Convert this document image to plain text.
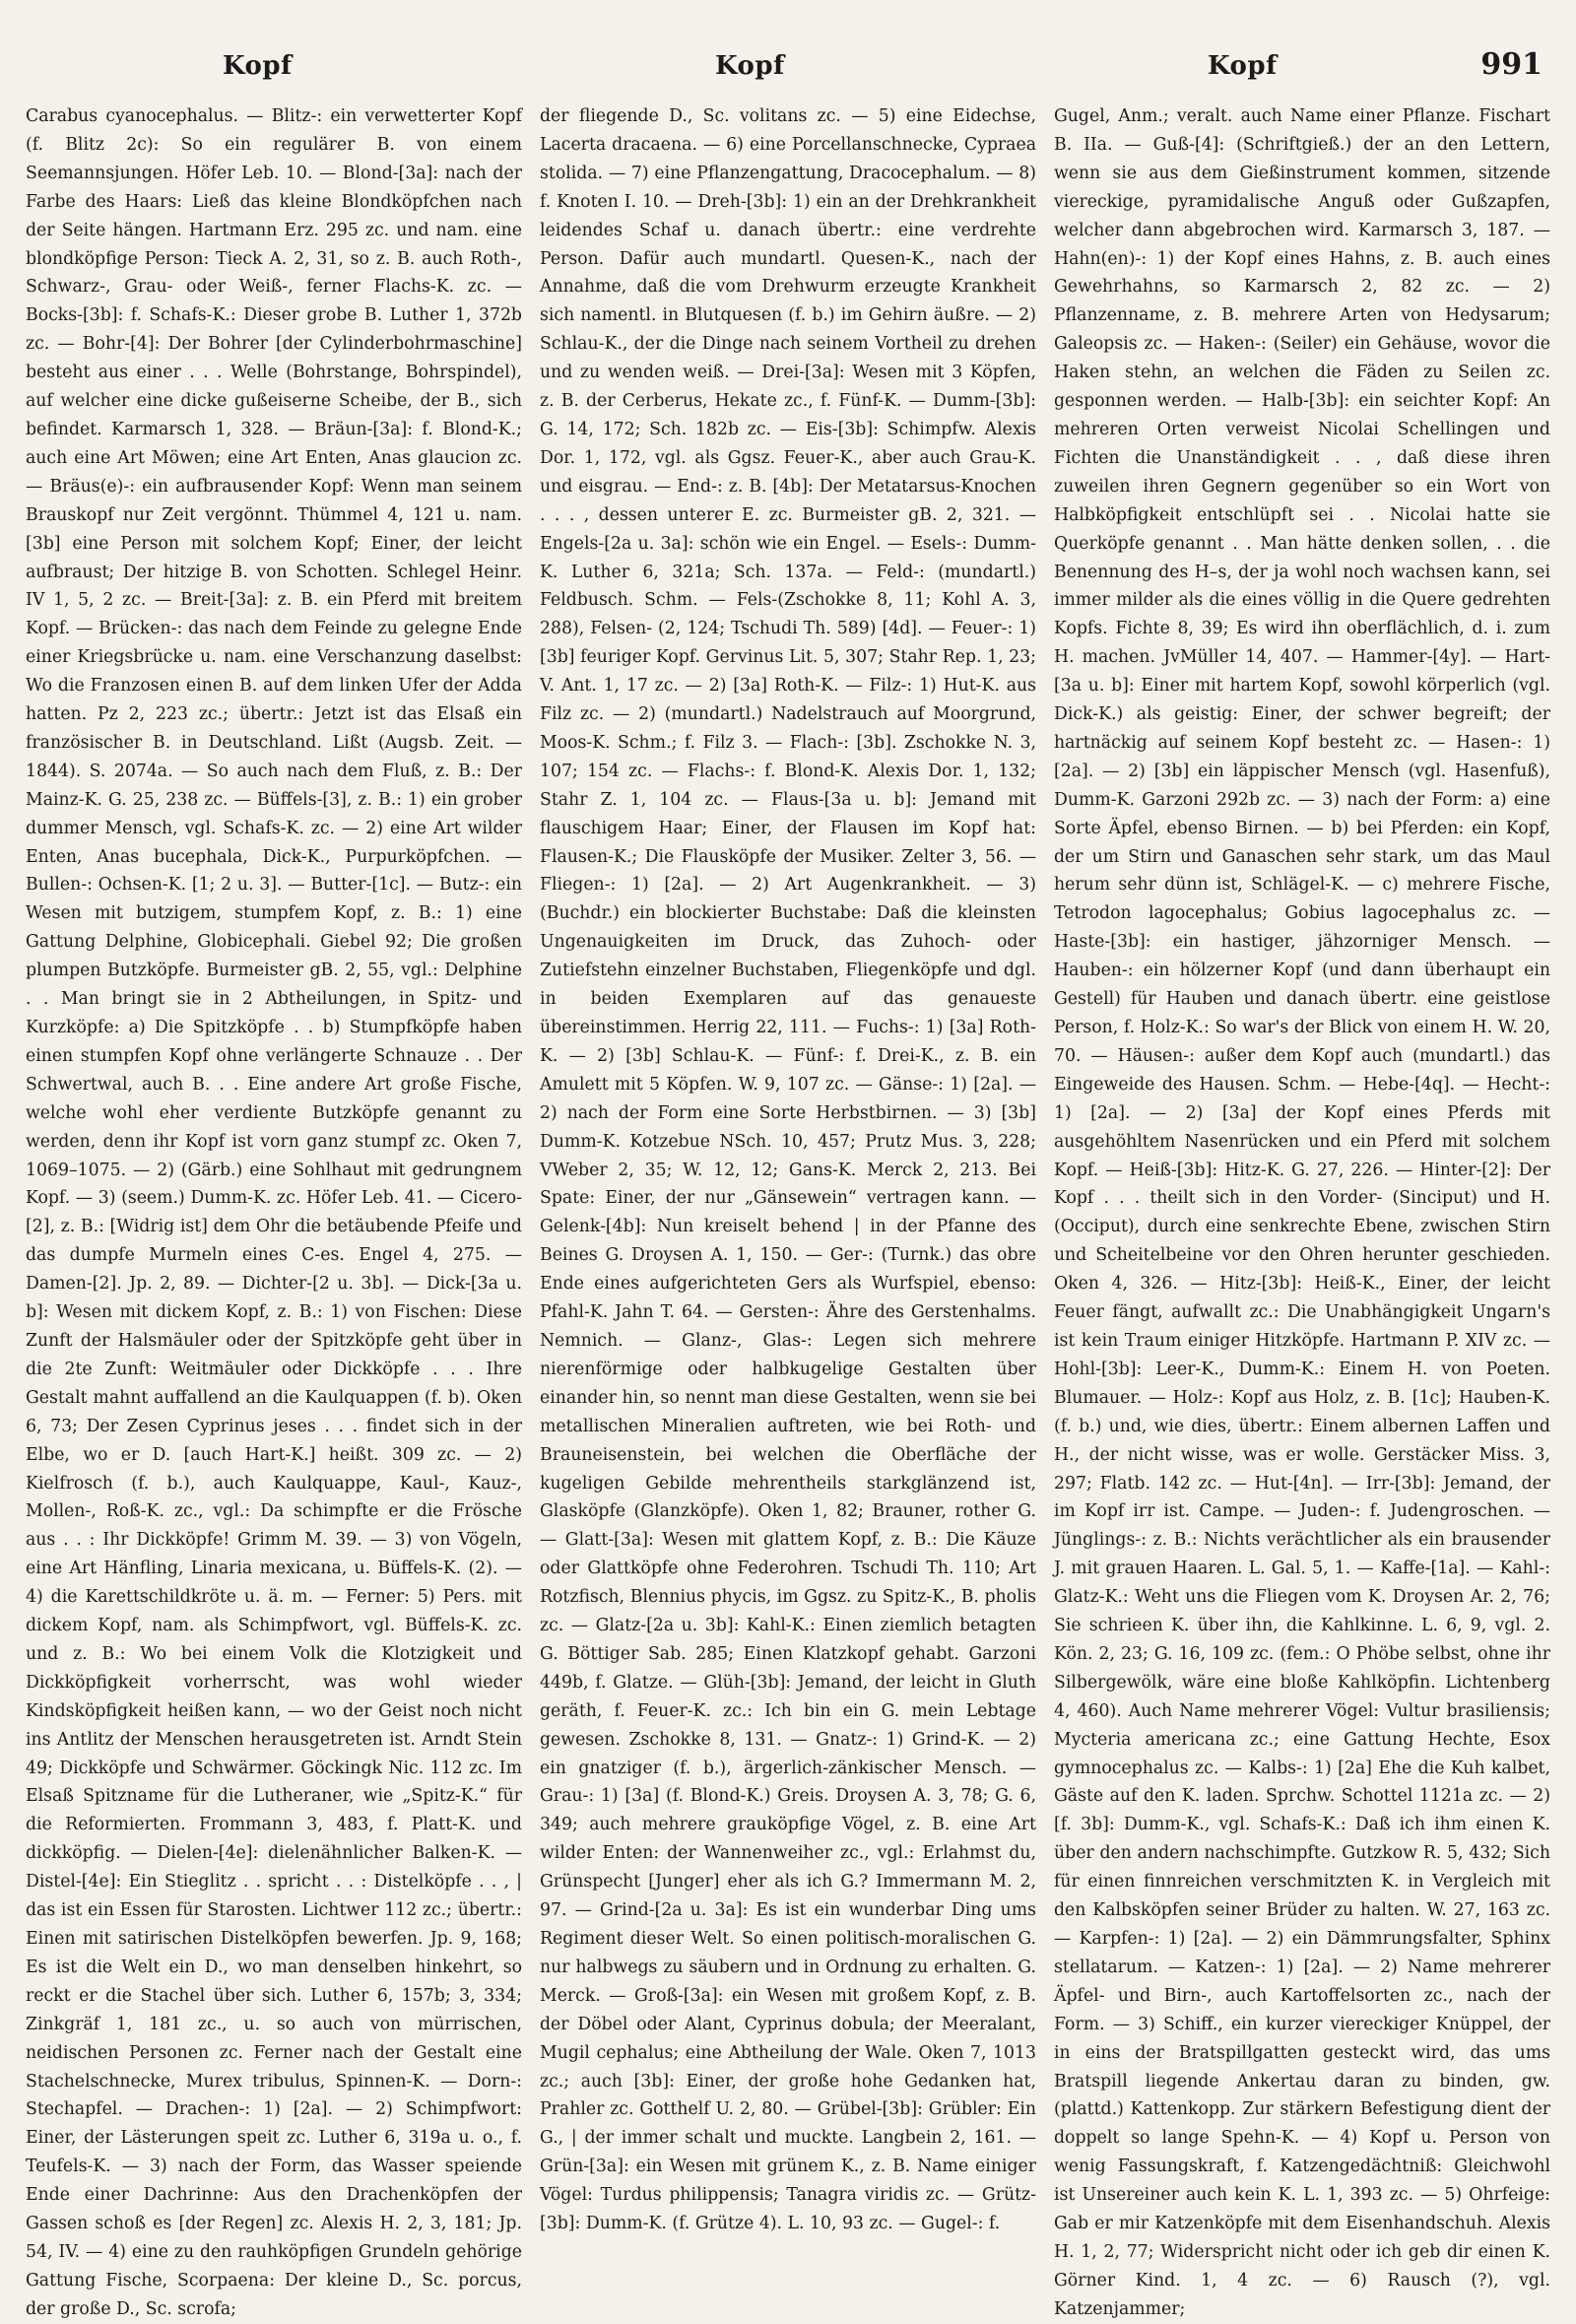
Kopf	Kopf	Kopf	991

Carabus cyanocephalus. — Blitz-: ein verwetterter Kopf (f. Blitz 2c): So ein regulärer B. von einem Seemannsjungen. Höfer Leb. 10. — Blond-[3a]: nach der Farbe des Haars: Ließ das kleine Blondköpfchen nach der Seite hängen. Hartmann Erz. 295 zc. und nam. eine blondköpfige Person: Tieck A. 2, 31, so z. B. auch Roth-, Schwarz-, Grau- oder Weiß-, ferner Flachs-K. zc. — Bocks-[3b]: f. Schafs-K.: Dieser grobe B. Luther 1, 372b zc. — Bohr-[4]: Der Bohrer [der Cylinderbohrmaschine] besteht aus einer . . . Welle (Bohrstange, Bohrspindel), auf welcher eine dicke gußeiserne Scheibe, der B., sich befindet. Karmarsch 1, 328. — Bräun-[3a]: f. Blond-K.; auch eine Art Möwen; eine Art Enten, Anas glaucion zc. — Bräus(e)-: ein aufbrausender Kopf: Wenn man seinem Brauskopf nur Zeit vergönnt. Thümmel 4, 121 u. nam. [3b] eine Person mit solchem Kopf; Einer, der leicht aufbraust; Der hitzige B. von Schotten. Schlegel Heinr. IV 1, 5, 2 zc. — Breit-[3a]: z. B. ein Pferd mit breitem Kopf. — Brücken-: das nach dem Feinde zu gelegne Ende einer Kriegsbrücke u. nam. eine Verschanzung daselbst: Wo die Franzosen einen B. auf dem linken Ufer der Adda hatten. Pz 2, 223 zc.; übertr.: Jetzt ist das Elsaß ein französischer B. in Deutschland. Lißt (Augsb. Zeit. — 1844). S. 2074a. — So auch nach dem Fluß, z. B.: Der Mainz-K. G. 25, 238 zc. — Büffels-[3], z. B.: 1) ein grober dummer Mensch, vgl. Schafs-K. zc. — 2) eine Art wilder Enten, Anas bucephala, Dick-K., Purpurköpfchen. — Bullen-: Ochsen-K. [1; 2 u. 3]. — Butter-[1c]. — Butz-: ein Wesen mit butzigem, stumpfem Kopf, z. B.: 1) eine Gattung Delphine, Globicephali. Giebel 92; Die großen plumpen Butzköpfe. Burmeister gB. 2, 55, vgl.: Delphine . . Man bringt sie in 2 Abtheilungen, in Spitz- und Kurzköpfe: a) Die Spitzköpfe . . b) Stumpfköpfe haben einen stumpfen Kopf ohne verlängerte Schnauze . . Der Schwertwal, auch B. . . Eine andere Art große Fische, welche wohl eher verdiente Butzköpfe genannt zu werden, denn ihr Kopf ist vorn ganz stumpf zc. Oken 7, 1069–1075. — 2) (Gärb.) eine Sohlhaut mit gedrungnem Kopf. — 3) (seem.) Dumm-K. zc. Höfer Leb. 41. — Cicero-[2], z. B.: [Widrig ist] dem Ohr die betäubende Pfeife und das dumpfe Murmeln eines C-es. Engel 4, 275. — Damen-[2]. Jp. 2, 89. — Dichter-[2 u. 3b]. — Dick-[3a u. b]: Wesen mit dickem Kopf, z. B.: 1) von Fischen: Diese Zunft der Halsmäuler oder der Spitzköpfe geht über in die 2te Zunft: Weitmäuler oder Dickköpfe . . . Ihre Gestalt mahnt auffallend an die Kaulquappen (f. b). Oken 6, 73; Der Zesen Cyprinus jeses . . . findet sich in der Elbe, wo er D. [auch Hart-K.] heißt. 309 zc. — 2) Kielfrosch (f. b.), auch Kaulquappe, Kaul-, Kauz-, Mollen-, Roß-K. zc., vgl.: Da schimpfte er die Frösche aus . . : Ihr Dickköpfe! Grimm M. 39. — 3) von Vögeln, eine Art Hänfling, Linaria mexicana, u. Büffels-K. (2). — 4) die Karettschildkröte u. ä. m. — Ferner: 5) Pers. mit dickem Kopf, nam. als Schimpfwort, vgl. Büffels-K. zc. und z. B.: Wo bei einem Volk die Klotzigkeit und Dickköpfigkeit vorherrscht, was wohl wieder Kindsköpfigkeit heißen kann, — wo der Geist noch nicht ins Antlitz der Menschen herausgetreten ist. Arndt Stein 49; Dickköpfe und Schwärmer. Göckingk Nic. 112 zc. Im Elsaß Spitzname für die Lutheraner, wie „Spitz-K.“ für die Reformierten. Frommann 3, 483, f. Platt-K. und dickköpfig. — Dielen-[4e]: dielenähnlicher Balken-K. — Distel-[4e]: Ein Stieglitz . . spricht . . : Distelköpfe . . , | das ist ein Essen für Starosten. Lichtwer 112 zc.; übertr.: Einen mit satirischen Distelköpfen bewerfen. Jp. 9, 168; Es ist die Welt ein D., wo man denselben hinkehrt, so reckt er die Stachel über sich. Luther 6, 157b; 3, 334; Zinkgräf 1, 181 zc., u. so auch von mürrischen, neidischen Personen zc. Ferner nach der Gestalt eine Stachelschnecke, Murex tribulus, Spinnen-K. — Dorn-: Stechapfel. — Drachen-: 1) [2a]. — 2) Schimpfwort: Einer, der Lästerungen speit zc. Luther 6, 319a u. o., f. Teufels-K. — 3) nach der Form, das Wasser speiende Ende einer Dachrinne: Aus den Drachenköpfen der Gassen schoß es [der Regen] zc. Alexis H. 2, 3, 181; Jp. 54, IV. — 4) eine zu den rauhköpfigen Grundeln gehörige Gattung Fische, Scorpaena: Der kleine D., Sc. porcus, der große D., Sc. scrofa;

der fliegende D., Sc. volitans zc. — 5) eine Eidechse, Lacerta dracaena. — 6) eine Porcellanschnecke, Cypraea stolida. — 7) eine Pflanzengattung, Dracocephalum. — 8) f. Knoten I. 10. — Dreh-[3b]: 1) ein an der Drehkrankheit leidendes Schaf u. danach übertr.: eine verdrehte Person. Dafür auch mundartl. Quesen-K., nach der Annahme, daß die vom Drehwurm erzeugte Krankheit sich namentl. in Blutquesen (f. b.) im Gehirn äußre. — 2) Schlau-K., der die Dinge nach seinem Vortheil zu drehen und zu wenden weiß. — Drei-[3a]: Wesen mit 3 Köpfen, z. B. der Cerberus, Hekate zc., f. Fünf-K. — Dumm-[3b]: G. 14, 172; Sch. 182b zc. — Eis-[3b]: Schimpfw. Alexis Dor. 1, 172, vgl. als Ggsz. Feuer-K., aber auch Grau-K. und eisgrau. — End-: z. B. [4b]: Der Metatarsus-Knochen . . . , dessen unterer E. zc. Burmeister gB. 2, 321. — Engels-[2a u. 3a]: schön wie ein Engel. — Esels-: Dumm-K. Luther 6, 321a; Sch. 137a. — Feld-: (mundartl.) Feldbusch. Schm. — Fels-(Zschokke 8, 11; Kohl A. 3, 288), Felsen- (2, 124; Tschudi Th. 589) [4d]. — Feuer-: 1) [3b] feuriger Kopf. Gervinus Lit. 5, 307; Stahr Rep. 1, 23; V. Ant. 1, 17 zc. — 2) [3a] Roth-K. — Filz-: 1) Hut-K. aus Filz zc. — 2) (mundartl.) Nadelstrauch auf Moorgrund, Moos-K. Schm.; f. Filz 3. — Flach-: [3b]. Zschokke N. 3, 107; 154 zc. — Flachs-: f. Blond-K. Alexis Dor. 1, 132; Stahr Z. 1, 104 zc. — Flaus-[3a u. b]: Jemand mit flauschigem Haar; Einer, der Flausen im Kopf hat: Flausen-K.; Die Flausköpfe der Musiker. Zelter 3, 56. — Fliegen-: 1) [2a]. — 2) Art Augenkrankheit. — 3) (Buchdr.) ein blockierter Buchstabe: Daß die kleinsten Ungenauigkeiten im Druck, das Zuhoch- oder Zutiefstehn einzelner Buchstaben, Fliegenköpfe und dgl. in beiden Exemplaren auf das genaueste übereinstimmen. Herrig 22, 111. — Fuchs-: 1) [3a] Roth-K. — 2) [3b] Schlau-K. — Fünf-: f. Drei-K., z. B. ein Amulett mit 5 Köpfen. W. 9, 107 zc. — Gänse-: 1) [2a]. — 2) nach der Form eine Sorte Herbstbirnen. — 3) [3b] Dumm-K. Kotzebue NSch. 10, 457; Prutz Mus. 3, 228; VWeber 2, 35; W. 12, 12; Gans-K. Merck 2, 213. Bei Spate: Einer, der nur „Gänsewein“ vertragen kann. — Gelenk-[4b]: Nun kreiselt behend | in der Pfanne des Beines G. Droysen A. 1, 150. — Ger-: (Turnk.) das obre Ende eines aufgerichteten Gers als Wurfspiel, ebenso: Pfahl-K. Jahn T. 64. — Gersten-: Ähre des Gerstenhalms. Nemnich. — Glanz-, Glas-: Legen sich mehrere nierenförmige oder halbkugelige Gestalten über einander hin, so nennt man diese Gestalten, wenn sie bei metallischen Mineralien auftreten, wie bei Roth- und Brauneisenstein, bei welchen die Oberfläche der kugeligen Gebilde mehrentheils starkglänzend ist, Glasköpfe (Glanzköpfe). Oken 1, 82; Brauner, rother G. — Glatt-[3a]: Wesen mit glattem Kopf, z. B.: Die Käuze oder Glattköpfe ohne Federohren. Tschudi Th. 110; Art Rotzfisch, Blennius phycis, im Ggsz. zu Spitz-K., B. pholis zc. — Glatz-[2a u. 3b]: Kahl-K.: Einen ziemlich betagten G. Böttiger Sab. 285; Einen Klatzkopf gehabt. Garzoni 449b, f. Glatze. — Glüh-[3b]: Jemand, der leicht in Gluth geräth, f. Feuer-K. zc.: Ich bin ein G. mein Lebtage gewesen. Zschokke 8, 131. — Gnatz-: 1) Grind-K. — 2) ein gnatziger (f. b.), ärgerlich-zänkischer Mensch. — Grau-: 1) [3a] (f. Blond-K.) Greis. Droysen A. 3, 78; G. 6, 349; auch mehrere grauköpfige Vögel, z. B. eine Art wilder Enten: der Wannenweiher zc., vgl.: Erlahmst du, Grünspecht [Junger] eher als ich G.? Immermann M. 2, 97. — Grind-[2a u. 3a]: Es ist ein wunderbar Ding ums Regiment dieser Welt. So einen politisch-moralischen G. nur halbwegs zu säubern und in Ordnung zu erhalten. G. Merck. — Groß-[3a]: ein Wesen mit großem Kopf, z. B. der Döbel oder Alant, Cyprinus dobula; der Meeralant, Mugil cephalus; eine Abtheilung der Wale. Oken 7, 1013 zc.; auch [3b]: Einer, der große hohe Gedanken hat, Prahler zc. Gotthelf U. 2, 80. — Grübel-[3b]: Grübler: Ein G., | der immer schalt und muckte. Langbein 2, 161. — Grün-[3a]: ein Wesen mit grünem K., z. B. Name einiger Vögel: Turdus philippensis; Tanagra viridis zc. — Grütz-[3b]: Dumm-K. (f. Grütze 4). L. 10, 93 zc. — Gugel-: f.

Gugel, Anm.; veralt. auch Name einer Pflanze. Fischart B. IIa. — Guß-[4]: (Schriftgieß.) der an den Lettern, wenn sie aus dem Gießinstrument kommen, sitzende viereckige, pyramidalische Anguß oder Gußzapfen, welcher dann abgebrochen wird. Karmarsch 3, 187. — Hahn(en)-: 1) der Kopf eines Hahns, z. B. auch eines Gewehrhahns, so Karmarsch 2, 82 zc. — 2) Pflanzenname, z. B. mehrere Arten von Hedysarum; Galeopsis zc. — Haken-: (Seiler) ein Gehäuse, wovor die Haken stehn, an welchen die Fäden zu Seilen zc. gesponnen werden. — Halb-[3b]: ein seichter Kopf: An mehreren Orten verweist Nicolai Schellingen und Fichten die Unanständigkeit . . , daß diese ihren zuweilen ihren Gegnern gegenüber so ein Wort von Halbköpfigkeit entschlüpft sei . . Nicolai hatte sie Querköpfe genannt . . Man hätte denken sollen, . . die Benennung des H–s, der ja wohl noch wachsen kann, sei immer milder als die eines völlig in die Quere gedrehten Kopfs. Fichte 8, 39; Es wird ihn oberflächlich, d. i. zum H. machen. JvMüller 14, 407. — Hammer-[4y]. — Hart-[3a u. b]: Einer mit hartem Kopf, sowohl körperlich (vgl. Dick-K.) als geistig: Einer, der schwer begreift; der hartnäckig auf seinem Kopf besteht zc. — Hasen-: 1) [2a]. — 2) [3b] ein läppischer Mensch (vgl. Hasenfuß), Dumm-K. Garzoni 292b zc. — 3) nach der Form: a) eine Sorte Äpfel, ebenso Birnen. — b) bei Pferden: ein Kopf, der um Stirn und Ganaschen sehr stark, um das Maul herum sehr dünn ist, Schlägel-K. — c) mehrere Fische, Tetrodon lagocephalus; Gobius lagocephalus zc. — Haste-[3b]: ein hastiger, jähzorniger Mensch. — Hauben-: ein hölzerner Kopf (und dann überhaupt ein Gestell) für Hauben und danach übertr. eine geistlose Person, f. Holz-K.: So war's der Blick von einem H. W. 20, 70. — Häusen-: außer dem Kopf auch (mundartl.) das Eingeweide des Hausen. Schm. — Hebe-[4q]. — Hecht-: 1) [2a]. — 2) [3a] der Kopf eines Pferds mit ausgehöhltem Nasenrücken und ein Pferd mit solchem Kopf. — Heiß-[3b]: Hitz-K. G. 27, 226. — Hinter-[2]: Der Kopf . . . theilt sich in den Vorder- (Sinciput) und H. (Occiput), durch eine senkrechte Ebene, zwischen Stirn und Scheitelbeine vor den Ohren herunter geschieden. Oken 4, 326. — Hitz-[3b]: Heiß-K., Einer, der leicht Feuer fängt, aufwallt zc.: Die Unabhängigkeit Ungarn's ist kein Traum einiger Hitzköpfe. Hartmann P. XIV zc. — Hohl-[3b]: Leer-K., Dumm-K.: Einem H. von Poeten. Blumauer. — Holz-: Kopf aus Holz, z. B. [1c]; Hauben-K. (f. b.) und, wie dies, übertr.: Einem albernen Laffen und H., der nicht wisse, was er wolle. Gerstäcker Miss. 3, 297; Flatb. 142 zc. — Hut-[4n]. — Irr-[3b]: Jemand, der im Kopf irr ist. Campe. — Juden-: f. Judengroschen. — Jünglings-: z. B.: Nichts verächtlicher als ein brausender J. mit grauen Haaren. L. Gal. 5, 1. — Kaffe-[1a]. — Kahl-: Glatz-K.: Weht uns die Fliegen vom K. Droysen Ar. 2, 76; Sie schrieen K. über ihn, die Kahlkinne. L. 6, 9, vgl. 2. Kön. 2, 23; G. 16, 109 zc. (fem.: O Phöbe selbst, ohne ihr Silbergewölk, wäre eine bloße Kahlköpfin. Lichtenberg 4, 460). Auch Name mehrerer Vögel: Vultur brasiliensis; Mycteria americana zc.; eine Gattung Hechte, Esox gymnocephalus zc. — Kalbs-: 1) [2a] Ehe die Kuh kalbet, Gäste auf den K. laden. Sprchw. Schottel 1121a zc. — 2) [f. 3b]: Dumm-K., vgl. Schafs-K.: Daß ich ihm einen K. über den andern nachschimpfte. Gutzkow R. 5, 432; Sich für einen finnreichen verschmitzten K. in Vergleich mit den Kalbsköpfen seiner Brüder zu halten. W. 27, 163 zc. — Karpfen-: 1) [2a]. — 2) ein Dämmrungsfalter, Sphinx stellatarum. — Katzen-: 1) [2a]. — 2) Name mehrerer Äpfel- und Birn-, auch Kartoffelsorten zc., nach der Form. — 3) Schiff., ein kurzer viereckiger Knüppel, der in eins der Bratspillgatten gesteckt wird, das ums Bratspill liegende Ankertau daran zu binden, gw. (plattd.) Kattenkopp. Zur stärkern Befestigung dient der doppelt so lange Spehn-K. — 4) Kopf u. Person von wenig Fassungskraft, f. Katzengedächtniß: Gleichwohl ist Unsereiner auch kein K. L. 1, 393 zc. — 5) Ohrfeige: Gab er mir Katzenköpfe mit dem Eisenhandschuh. Alexis H. 1, 2, 77; Widerspricht nicht oder ich geb dir einen K. Görner Kind. 1, 4 zc. — 6) Rausch (?), vgl. Katzenjammer;
